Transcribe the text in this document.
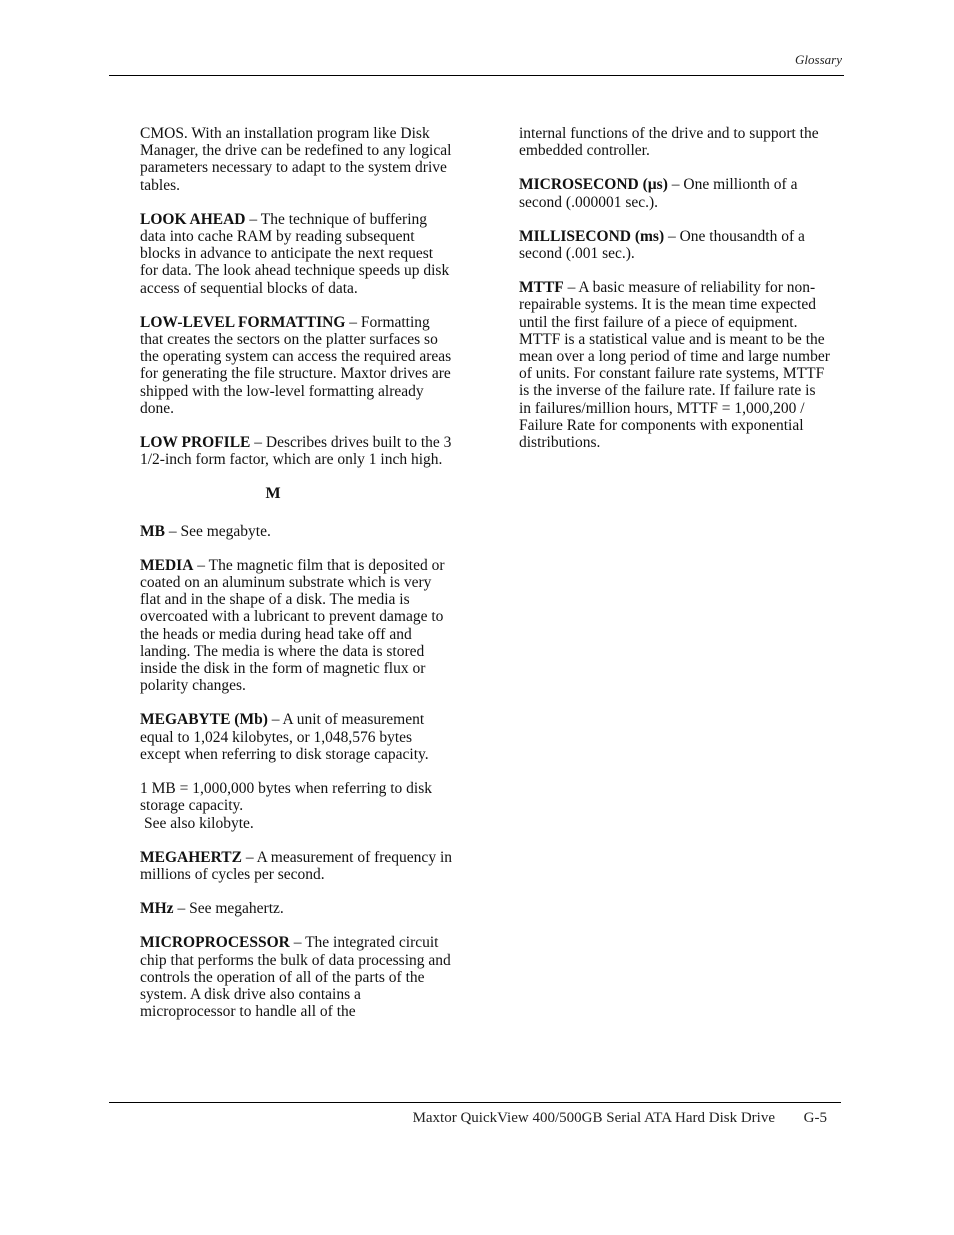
Glossary

CMOS. With an installation program like Disk Manager, the drive can be redefined to any logical parameters necessary to adapt to the system drive tables.

LOOK AHEAD – The technique of buffering data into cache RAM by reading subsequent blocks in advance to anticipate the next request for data. The look ahead technique speeds up disk access of sequential blocks of data.

LOW-LEVEL FORMATTING – Formatting that creates the sectors on the platter surfaces so the operating system can access the required areas for generating the file structure. Maxtor drives are shipped with the low-level formatting already done.

LOW PROFILE – Describes drives built to the 3 1/2-inch form factor, which are only 1 inch high.

M

MB – See megabyte.

MEDIA – The magnetic film that is deposited or coated on an aluminum substrate which is very flat and in the shape of a disk. The media is overcoated with a lubricant to prevent damage to the heads or media during head take off and landing. The media is where the data is stored inside the disk in the form of magnetic flux or polarity changes.

MEGABYTE (Mb) – A unit of measurement equal to 1,024 kilobytes, or 1,048,576 bytes except when referring to disk storage capacity.

1 MB = 1,000,000 bytes when referring to disk storage capacity.
See also kilobyte.

MEGAHERTZ – A measurement of frequency in millions of cycles per second.

MHz – See megahertz.

MICROPROCESSOR – The integrated circuit chip that performs the bulk of data processing and controls the operation of all of the parts of the system. A disk drive also contains a microprocessor to handle all of the

internal functions of the drive and to support the embedded controller.

MICROSECOND (µs) – One millionth of a second (.000001 sec.).

MILLISECOND (ms) – One thousandth of a second (.001 sec.).

MTTF – A basic measure of reliability for non-repairable systems. It is the mean time expected until the first failure of a piece of equipment. MTTF is a statistical value and is meant to be the mean over a long period of time and large number of units. For constant failure rate systems, MTTF is the inverse of the failure rate. If failure rate is in failures/million hours, MTTF = 1,000,200 / Failure Rate for components with exponential distributions.

Maxtor QuickView 400/500GB Serial ATA Hard Disk Drive G-5
